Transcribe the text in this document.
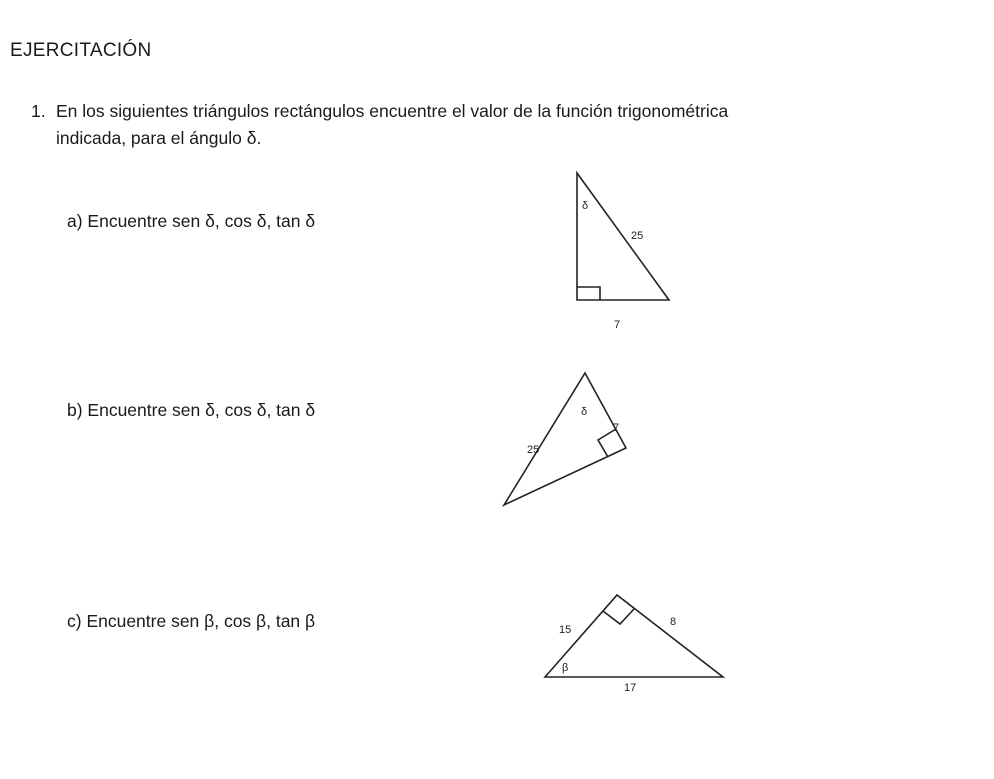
EJERCITACIÓN
1. En los siguientes triángulos rectángulos encuentre el valor de la función trigonométrica
indicada, para el ángulo δ.
a) Encuentre sen δ, cos δ, tan δ
b) Encuentre sen δ, cos δ, tan δ
c) Encuentre sen β, cos β, tan β
δ
25
7
δ
7
25
15
8
β
17
